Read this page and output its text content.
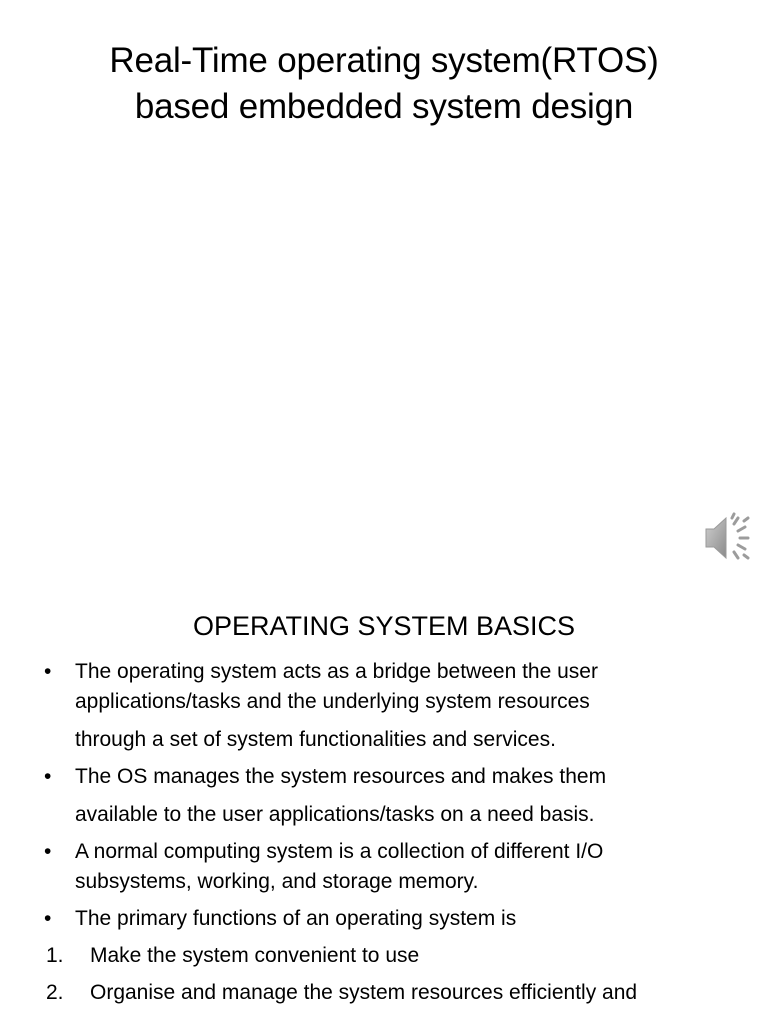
Real-Time operating system(RTOS)
based embedded system design
OPERATING SYSTEM BASICS
•	The operating system acts as a bridge between the user
applications/tasks and the underlying system resources
through a set of system functionalities and services.
•	The OS manages the system resources and makes them
available to the user applications/tasks on a need basis.
•	A normal computing system is a collection of different I/O
subsystems, working, and storage memory.
•	The primary functions of an operating system is
1. Make the system convenient to use
2. Organise and manage the system resources efficiently and
